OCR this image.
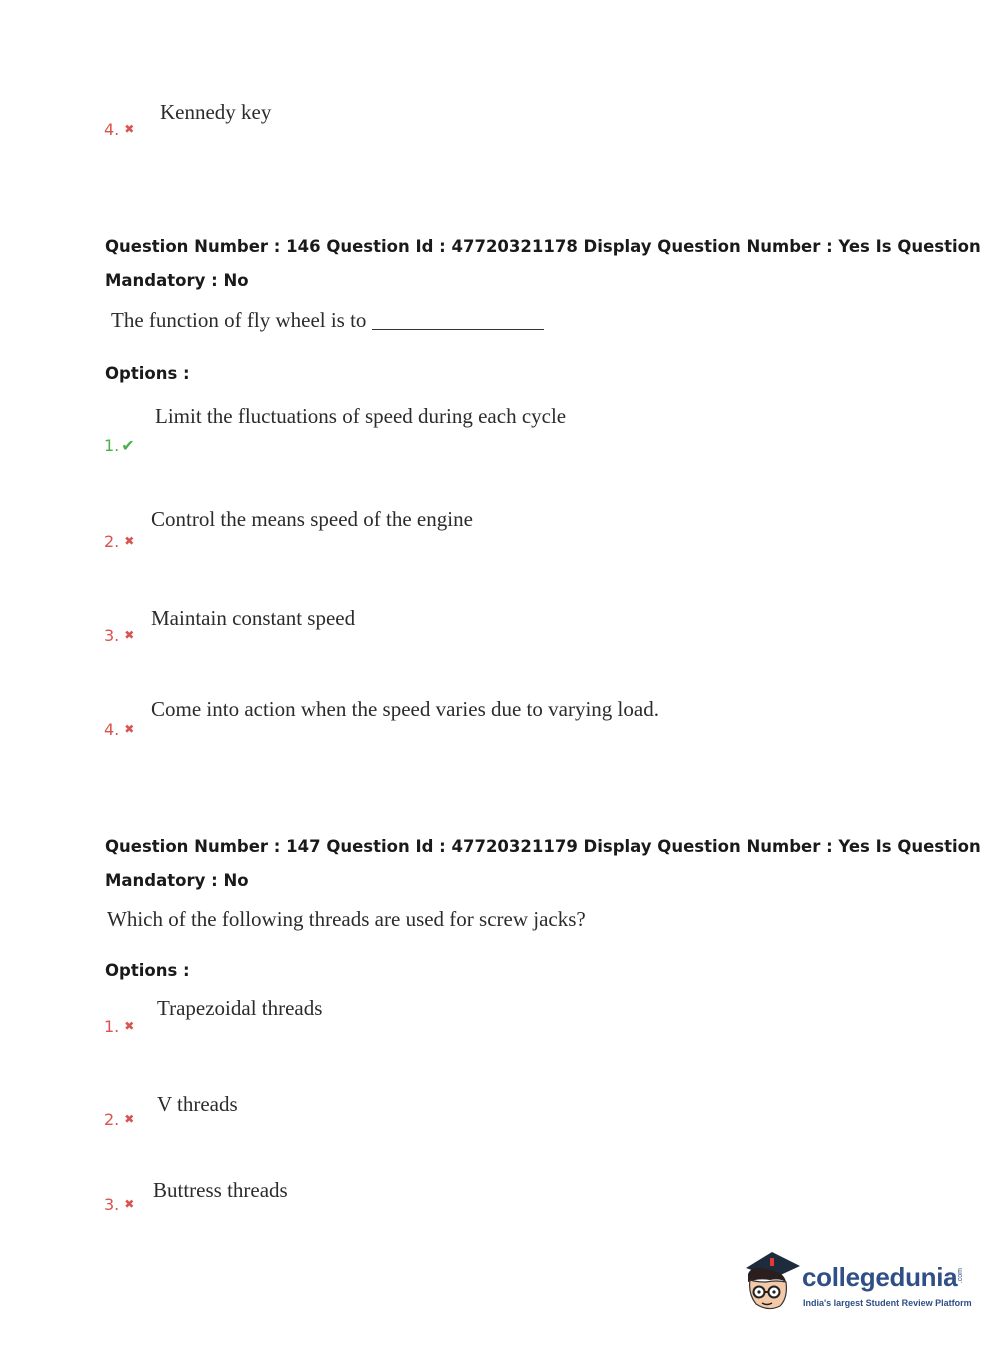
Kennedy key
4. ✖
Question Number : 146 Question Id : 47720321178 Display Question Number : Yes Is Question
Mandatory : No
The function of fly wheel is to
Options :
Limit the fluctuations of speed during each cycle
1. ✔
Control the means speed of the engine
2. ✖
Maintain constant speed
3. ✖
Come into action when the speed varies due to varying load.
4. ✖
Question Number : 147 Question Id : 47720321179 Display Question Number : Yes Is Question
Mandatory : No
Which of the following threads are used for screw jacks?
Options :
Trapezoidal threads
1. ✖
V threads
2. ✖
Buttress threads
3. ✖
collegedunia .com
India's largest Student Review Platform
